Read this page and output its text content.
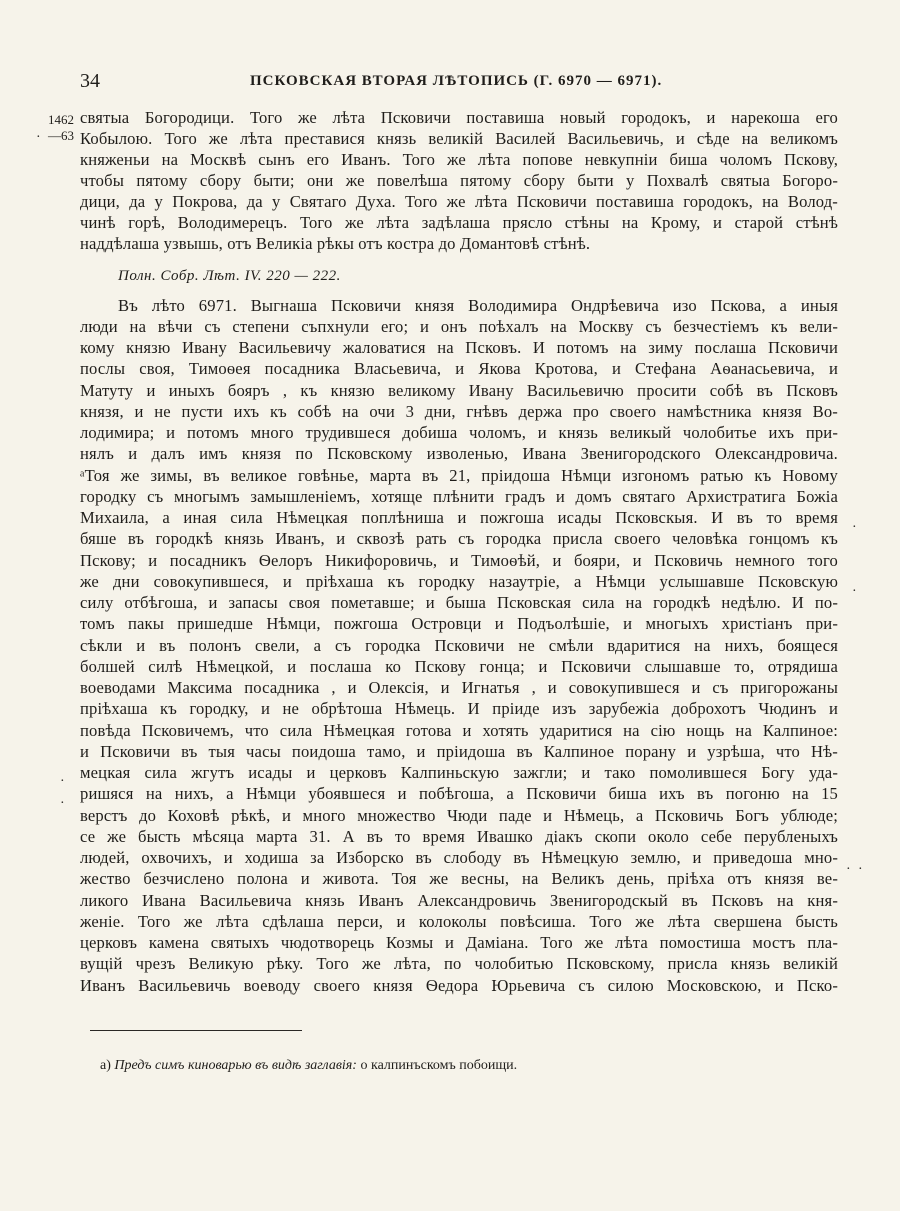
34	ПСКОВСКАЯ ВТОРАЯ ЛѢТОПИСЬ (Г. 6970 — 6971).
1462
—63
·
·
·
·
·
· ·
святыа Богородици. Того же лѣта Псковичи поставиша новый городокъ, и нарекоша его
Кобылою. Того же лѣта преставися князь великій Василей Васильевичь, и сѣде на великомъ
княженьи на Москвѣ сынъ его Иванъ. Того же лѣта попове невкупніи биша чоломъ Пскову,
чтобы пятому сбору быти; они же повелѣша пятому сбору быти у Похвалѣ святыа Богоро-
дици, да у Покрова, да у Святаго Духа. Того же лѣта Псковичи поставиша городокъ, на Волод-
чинѣ горѣ, Володимерецъ. Того же лѣта задѣлаша прясло стѣны на Крому, и старой стѣнѣ
наддѣлаша узвышь, отъ Великіа рѣкы отъ костра до Домантовѣ стѣнѣ.
Полн. Собр. Лѣт. IV. 220 — 222.
Въ лѣто 6971. Выгнаша Псковичи князя Володимира Ондрѣевича изо Пскова, а иныя
люди на вѣчи съ степени съпхнули его; и онъ поѣхалъ на Москву съ безчестіемъ къ вели-
кому князю Ивану Васильевичу жаловатися на Псковъ. И потомъ на зиму послаша Псковичи
послы своя, Тимоѳея посадника Власьевича, и Якова Кротова, и Стефана Аѳанасьевича, и
Матуту и иныхъ бояръ , къ князю великому Ивану Васильевичю просити собѣ въ Псковъ
князя, и не пусти ихъ къ собѣ на очи 3 дни, гнѣвъ держа про своего намѣстника князя Во-
лодимира; и потомъ много трудившеся добиша чоломъ, и князь великый чолобитье ихъ при-
нялъ и далъ имъ князя по Псковскому изволенью, Ивана Звенигородского Олександровича.
ᵃТоя же зимы, въ великое говѣнье, марта въ 21, пріидоша Нѣмци изгономъ ратью къ Новому
городку съ многымъ замышленіемъ, хотяще плѣнити градъ и домъ святаго Архистратига Божіа
Михаила, а иная сила Нѣмецкая поплѣниша и пожгоша исады Псковскыя. И въ то время
бяше въ городкѣ князь Иванъ, и сквозѣ рать съ городка присла своего человѣка гонцомъ къ
Пскову; и посадникъ Ѳелоръ Никифоровичь, и Тимоѳѣй, и бояри, и Псковичь немного того
же дни совокупившеся, и пріѣхаша къ городку назаутріе, а Нѣмци услышавше Псковскую
силу отбѣгоша, и запасы своя пометавше; и быша Псковская сила на городкѣ недѣлю. И по-
томъ пакы пришедше Нѣмци, пожгоша Островци и Подъолѣшіе, и многыхъ христіанъ при-
сѣкли и въ полонъ свели, а съ городка Псковичи не смѣли вдаритися на нихъ, боящеся
болшей силѣ Нѣмецкой, и послаша ко Пскову гонца; и Псковичи слышавше то, отрядиша
воеводами Максима посадника , и Олексія, и Игнатья , и совокупившеся и съ пригорожаны
пріѣхаша къ городку, и не обрѣтоша Нѣмець. И пріиде изъ зарубежіа доброхотъ Чюдинъ и
повѣда Псковичемъ, что сила Нѣмецкая готова и хотять ударитися на сію нощь на Калпиное:
и Псковичи въ тыя часы поидоша тамо, и пріидоша въ Калпиное порану и узрѣша, что Нѣ-
мецкая сила жгутъ исады и церковъ Калпиньскую зажгли; и тако помолившеся Богу уда-
ришяся на нихъ, а Нѣмци убоявшеся и побѣгоша, а Псковичи биша ихъ въ погоню на 15
верстъ до Коховѣ рѣкѣ, и много множество Чюди паде и Нѣмець, а Псковичь Богъ ублюде;
се же бысть мѣсяца марта 31. А въ то время Ивашко діакъ скопи около себе перубленыхъ
людей, охвочихъ, и ходиша за Изборско въ слободу въ Нѣмецкую землю, и приведоша мно-
жество безчислено полона и живота. Тоя же весны, на Великъ день, пріѣха отъ князя ве-
ликого Ивана Васильевича князь Иванъ Александровичь Звенигородскый въ Псковъ на кня-
женіе. Того же лѣта сдѣлаша перси, и колоколы повѣсиша. Того же лѣта свершена бысть
церковъ камена святыхъ чюдотворець Козмы и Даміана. Того же лѣта помостиша мостъ пла-
вущій чрезъ Великую рѣку. Того же лѣта, по чолобитью Псковскому, присла князь великій
Иванъ Васильевичь воеводу своего князя Ѳедора Юрьевича съ силою Московскою, и Пско-
а) Предъ симъ киноварью въ видѣ заглавія: о калпинъскомъ побоищи.
